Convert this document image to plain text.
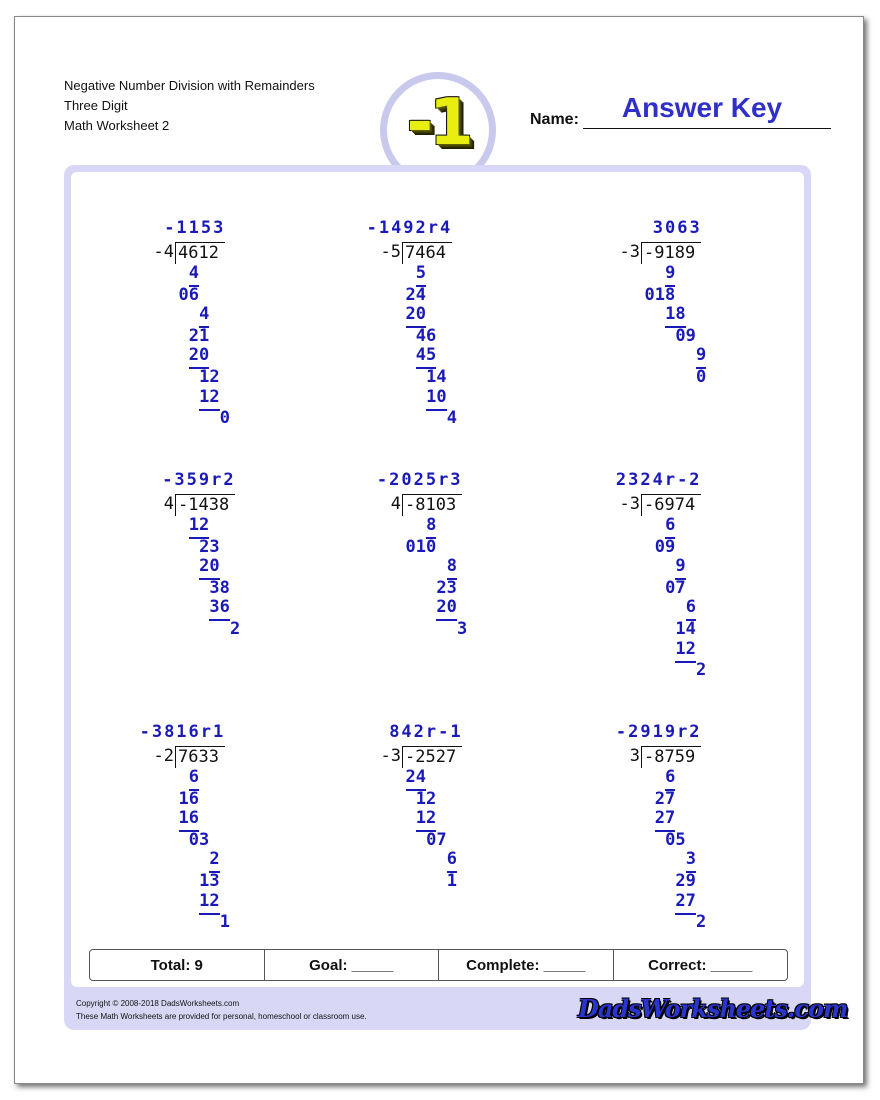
Negative Number Division with Remainders
Three Digit
Math Worksheet 2	-1	Name:	Answer Key
-1153
-4 4612
4
06
4
21
20
12
12
0
-1492r4
-5 7464
5
24
20
46
45
14
10
4
3063
-3 -9189
9
018
18
09
9
0
-359r2
4 -1438
12
23
20
38
36
2
-2025r3
4 -8103
8
010
8
23
20
3
2324r-2
-3 -6974
6
09
9
07
6
14
12
2
-3816r1
-2 7633
6
16
16
03
2
13
12
1
842r-1
-3 -2527
24
12
12
07
6
1
-2919r2
3 -8759
6
27
27
05
3
29
27
2
Total: 9	Goal: _____	Complete: _____	Correct: _____
Copyright © 2008-2018 DadsWorksheets.com
These Math Worksheets are provided for personal, homeschool or classroom use.	DadsWorksheets.com
